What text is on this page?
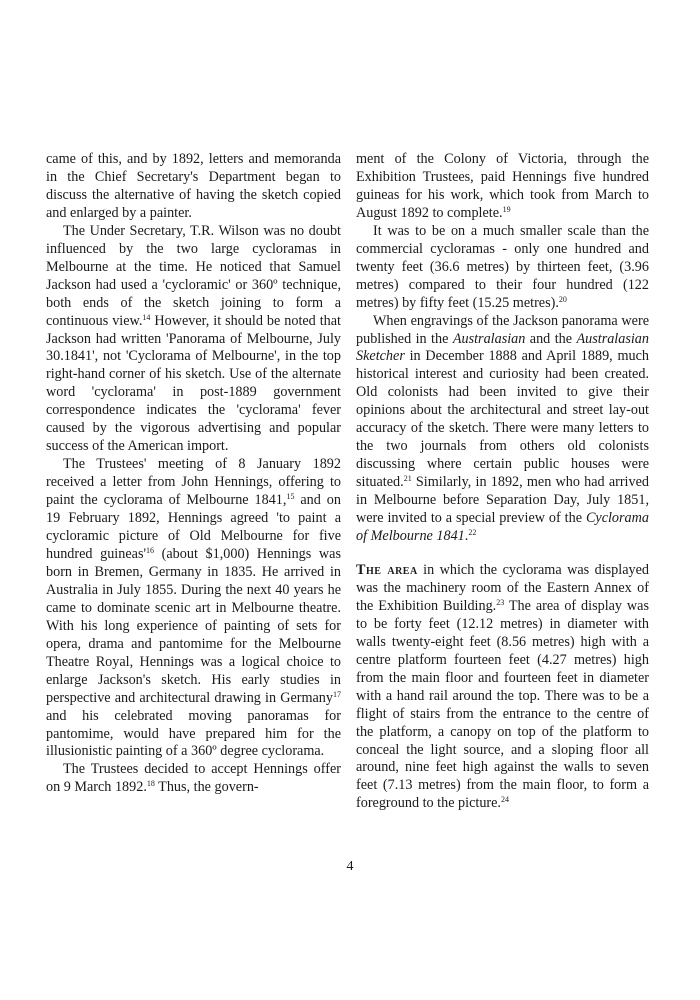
came of this, and by 1892, letters and memoranda in the Chief Secretary's Department began to discuss the alternative of having the sketch copied and enlarged by a painter.

The Under Secretary, T.R. Wilson was no doubt influenced by the two large cycloramas in Melbourne at the time. He noticed that Samuel Jackson had used a 'cycloramic' or 360º technique, both ends of the sketch joining to form a continuous view.$^{14}$ However, it should be noted that Jackson had written 'Panorama of Melbourne, July 30.1841', not 'Cyclorama of Melbourne', in the top right-hand corner of his sketch. Use of the alternate word 'cyclorama' in post-1889 government correspondence indicates the 'cyclorama' fever caused by the vigorous advertising and popular success of the American import.

The Trustees' meeting of 8 January 1892 received a letter from John Hennings, offering to paint the cyclorama of Melbourne 1841,15 and on 19 February 1892, Hennings agreed 'to paint a cycloramic picture of Old Melbourne for five hundred $guineas'^{16}$ (about $1,000) Hennings was born in Bremen, Germany in 1835. He arrived in Australia in July 1855. During the next 40 years he came to dominate scenic art in Melbourne theatre. With his long experience of painting of sets for opera, drama and pantomime for the Melbourne Theatre Royal, Hennings was a logical choice to enlarge Jackson's sketch. His early studies in perspective and architectural drawing in Germany$^{17}$ and his celebrated moving panoramas for pantomime, would have prepared him for the illusionistic painting of a 360º degree cyclorama.

The Trustees decided to accept Hennings offer on 9 March 1892.18 Thus, the govern-

ment of the Colony of Victoria, through the Exhibition Trustees, paid Hennings five hundred guineas for his work, which took from March to August 1892 to complete.$^{19}$

It was to be on a much smaller scale than the commercial cycloramas - only one hundred and twenty feet (36.6 metres) by thirteen feet, (3.96 metres) compared to their four hundred (122 metres) by fifty feet (15.25 metres).$^{20}$

When engravings of the Jackson panorama were published in the Australasian and the Australasian Sketcher in December 1888 and April 1889, much historical interest and curiosity had been created. Old colonists had been invited to give their opinions about the architectural and street lay-out accuracy of the sketch. There were many letters to the two journals from others old colonists discussing where certain public houses were situated.$^{21}$ Similarly, in 1892, men who had arrived in Melbourne before Separation Day, July 1851, were invited to a special preview of the Cyclorama of Melbourne 1841.22

The area in which the cyclorama was displayed was the machinery room of the Eastern Annex of the Exhibition Building.$^{23}$ The area of display was to be forty feet (12.12 metres) in diameter with walls twenty-eight feet (8.56 metres) high with a centre platform fourteen feet (4.27 metres) high from the main floor and fourteen feet in diameter with a hand rail around the top. There was to be a flight of stairs from the entrance to the centre of the platform, a canopy on top of the platform to conceal the light source, and a sloping floor all around, nine feet high against the walls to seven feet (7.13 metres) from the main floor, to form a foreground to the picture.$^{24}$

4
